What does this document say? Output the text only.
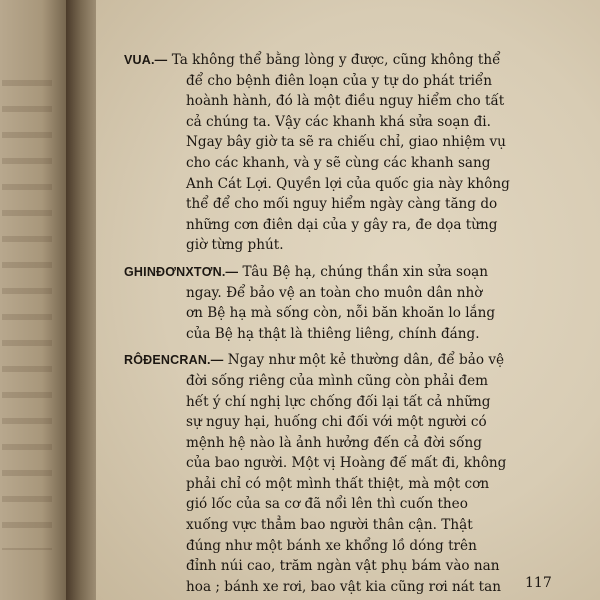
VUA.— Ta không thể bằng lòng y được, cũng không thể
để cho bệnh điên loạn của y tự do phát triển
hoành hành, đó là một điều nguy hiểm cho tất
cả chúng ta. Vậy các khanh khá sửa soạn đi.
Ngay bây giờ ta sẽ ra chiếu chỉ, giao nhiệm vụ
cho các khanh, và y sẽ cùng các khanh sang
Anh Cát Lợi. Quyền lợi của quốc gia này không
thể để cho mối nguy hiểm ngày càng tăng do
những cơn điên dại của y gây ra, đe dọa từng
giờ từng phút.
GHINĐƠNXTƠN.— Tâu Bệ hạ, chúng thần xin sửa soạn
ngay. Để bảo vệ an toàn cho muôn dân nhờ
ơn Bệ hạ mà sống còn, nỗi băn khoăn lo lắng
của Bệ hạ thật là thiêng liêng, chính đáng.
RÔĐENCRAN.— Ngay như một kẻ thường dân, để bảo vệ
đời sống riêng của mình cũng còn phải đem
hết ý chí nghị lực chống đối lại tất cả những
sự nguy hại, huống chi đối với một người có
mệnh hệ nào là ảnh hưởng đến cả đời sống
của bao người. Một vị Hoàng đế mất đi, không
phải chỉ có một mình thất thiệt, mà một cơn
gió lốc của sa cơ đã nổi lên thì cuốn theo
xuống vực thẳm bao người thân cận. Thật
đúng như một bánh xe khổng lồ dóng trên
đỉnh núi cao, trăm ngàn vật phụ bám vào nan
hoa ; bánh xe rơi, bao vật kia cũng rơi nát tan	117
